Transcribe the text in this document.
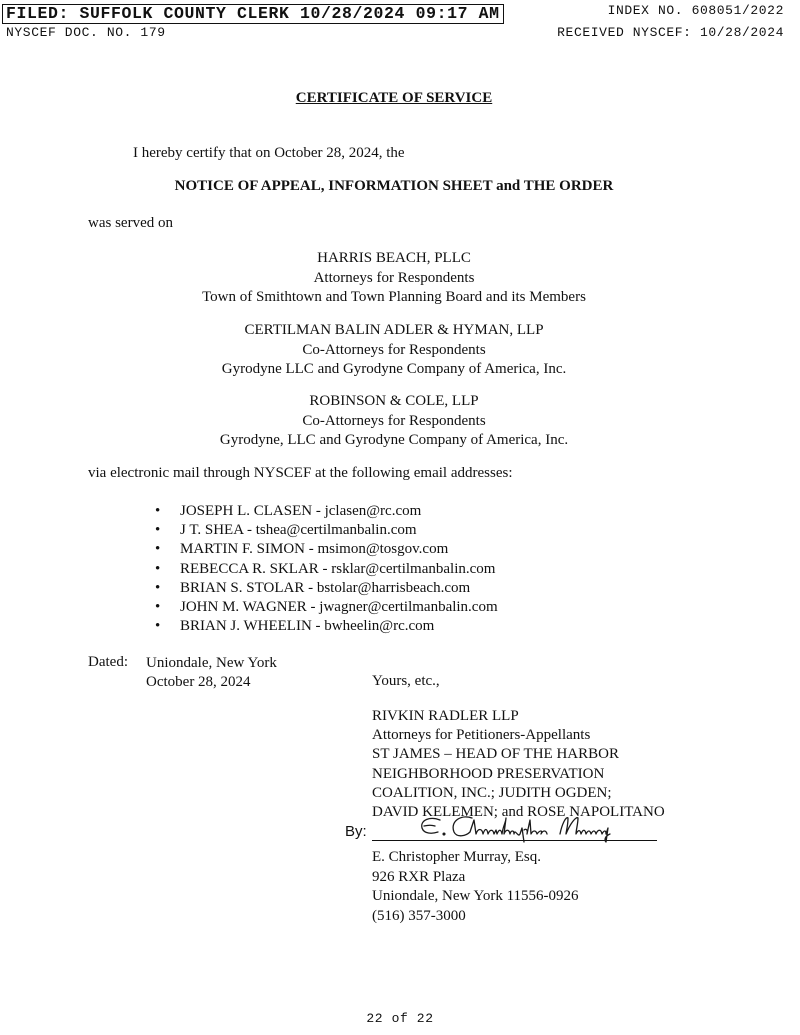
FILED: SUFFOLK COUNTY CLERK 10/28/2024 09:17 AM
NYSCEF DOC. NO. 179
INDEX NO. 608051/2022
RECEIVED NYSCEF: 10/28/2024
CERTIFICATE OF SERVICE
I hereby certify that on October 28, 2024, the
NOTICE OF APPEAL, INFORMATION SHEET and THE ORDER
was served on
HARRIS BEACH, PLLC
Attorneys for Respondents
Town of Smithtown and Town Planning Board and its Members
CERTILMAN BALIN ADLER & HYMAN, LLP
Co-Attorneys for Respondents
Gyrodyne LLC and Gyrodyne Company of America, Inc.
ROBINSON & COLE, LLP
Co-Attorneys for Respondents
Gyrodyne, LLC and Gyrodyne Company of America, Inc.
via electronic mail through NYSCEF at the following email addresses:
• JOSEPH L. CLASEN - jclasen@rc.com
• J T. SHEA - tshea@certilmanbalin.com
• MARTIN F. SIMON - msimon@tosgov.com
• REBECCA R. SKLAR - rsklar@certilmanbalin.com
• BRIAN S. STOLAR - bstolar@harrisbeach.com
• JOHN M. WAGNER - jwagner@certilmanbalin.com
• BRIAN J. WHEELIN - bwheelin@rc.com
Dated: Uniondale, New York
October 28, 2024	Yours, etc.,
RIVKIN RADLER LLP
Attorneys for Petitioners-Appellants
ST JAMES – HEAD OF THE HARBOR
NEIGHBORHOOD PRESERVATION
COALITION, INC.; JUDITH OGDEN;
DAVID KELEMEN; and ROSE NAPOLITANO
By:
E. Christopher Murray, Esq.
926 RXR Plaza
Uniondale, New York 11556-0926
(516) 357-3000
22 of 22
